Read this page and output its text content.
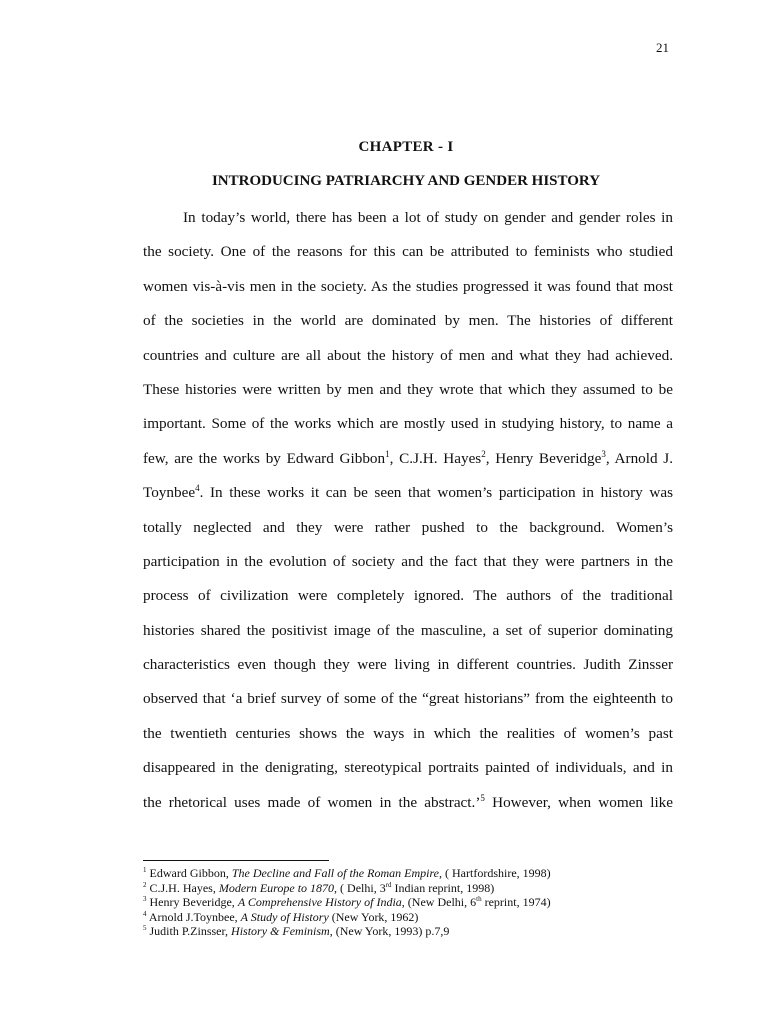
21
CHAPTER - I
INTRODUCING PATRIARCHY AND GENDER HISTORY
In today’s world, there has been a lot of study on gender and gender roles in
the society. One of the reasons for this can be attributed to feminists who studied
women vis-à-vis men in the society. As the studies progressed it was found that most
of the societies in the world are dominated by men. The histories of different
countries and culture are all about the history of men and what they had achieved.
These histories were written by men and they wrote that which they assumed to be
important. Some of the works which are mostly used in studying history, to name a
few, are the works by Edward Gibbon$^1$, C.J.H. Hayes$^2$, Henry Beveridge$^3$, Arnold J.
Toynbee$^4$. In these works it can be seen that women’s participation in history was
totally neglected and they were rather pushed to the background. Women’s
participation in the evolution of society and the fact that they were partners in the
process of civilization were completely ignored. The authors of the traditional
histories shared the positivist image of the masculine, a set of superior dominating
characteristics even though they were living in different countries. Judith Zinsser
observed that ‘a brief survey of some of the “great historians” from the eighteenth to
the twentieth centuries shows the ways in which the realities of women’s past
disappeared in the denigrating, stereotypical portraits painted of individuals, and in
the rhetorical uses made of women in the abstract.’$^5$ However, when women like
$^1$ Edward Gibbon, The Decline and Fall of the Roman Empire, ( Hartfordshire, 1998)
$^2$ C.J.H. Hayes, Modern Europe to 1870, ( Delhi, 3rd Indian reprint, 1998)
$^3$ Henry Beveridge, A Comprehensive History of India, (New Delhi, 6th reprint, 1974)
$^4$ Arnold J.Toynbee, A Study of History (New York, 1962)
$^5$ Judith P.Zinsser, History & Feminism, (New York, 1993) p.7,9
